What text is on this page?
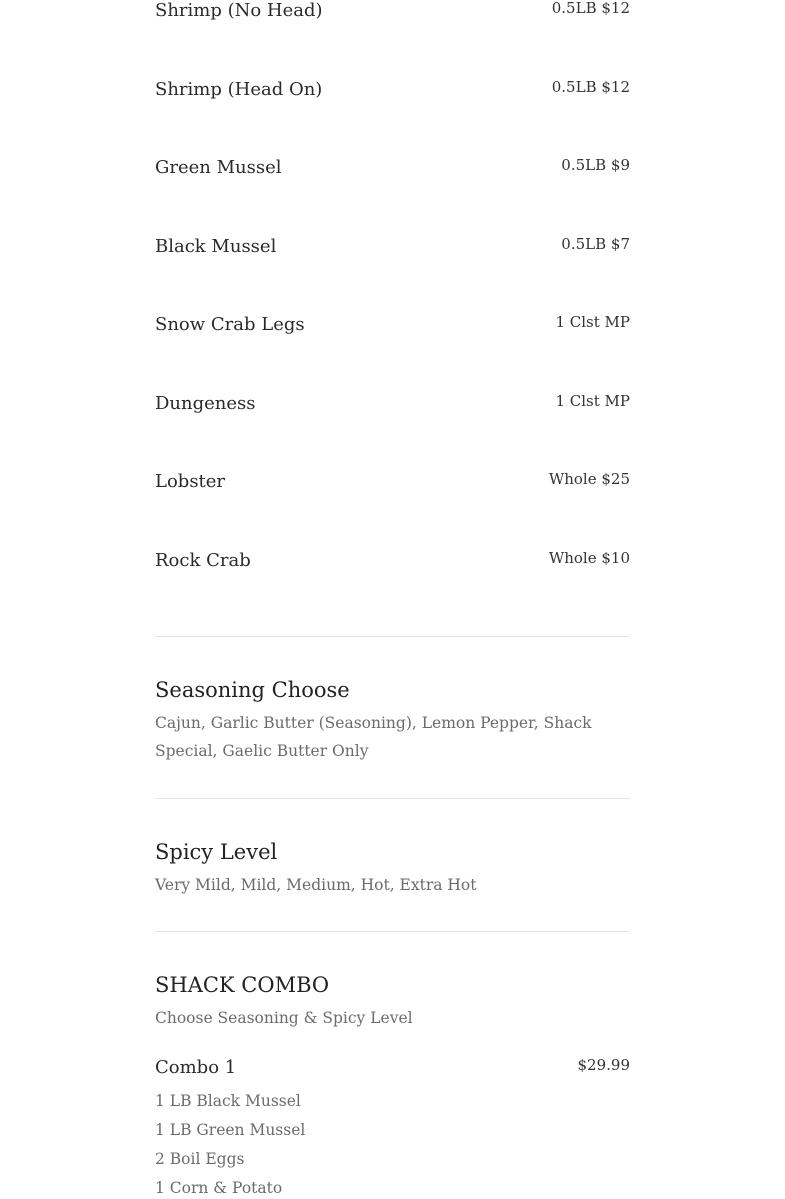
Shrimp (No Head)	0.5LB $12
Shrimp (Head On)	0.5LB $12
Green Mussel	0.5LB $9
Black Mussel	0.5LB $7
Snow Crab Legs	1 Clst MP
Dungeness	1 Clst MP
Lobster	Whole $25
Rock Crab	Whole $10
Seasoning Choose
Cajun, Garlic Butter (Seasoning), Lemon Pepper, Shack Special, Gaelic Butter Only
Spicy Level
Very Mild, Mild, Medium, Hot, Extra Hot
SHACK COMBO
Choose Seasoning & Spicy Level
Combo 1	$29.99
1 LB Black Mussel
1 LB Green Mussel
2 Boil Eggs
1 Corn & Potato
